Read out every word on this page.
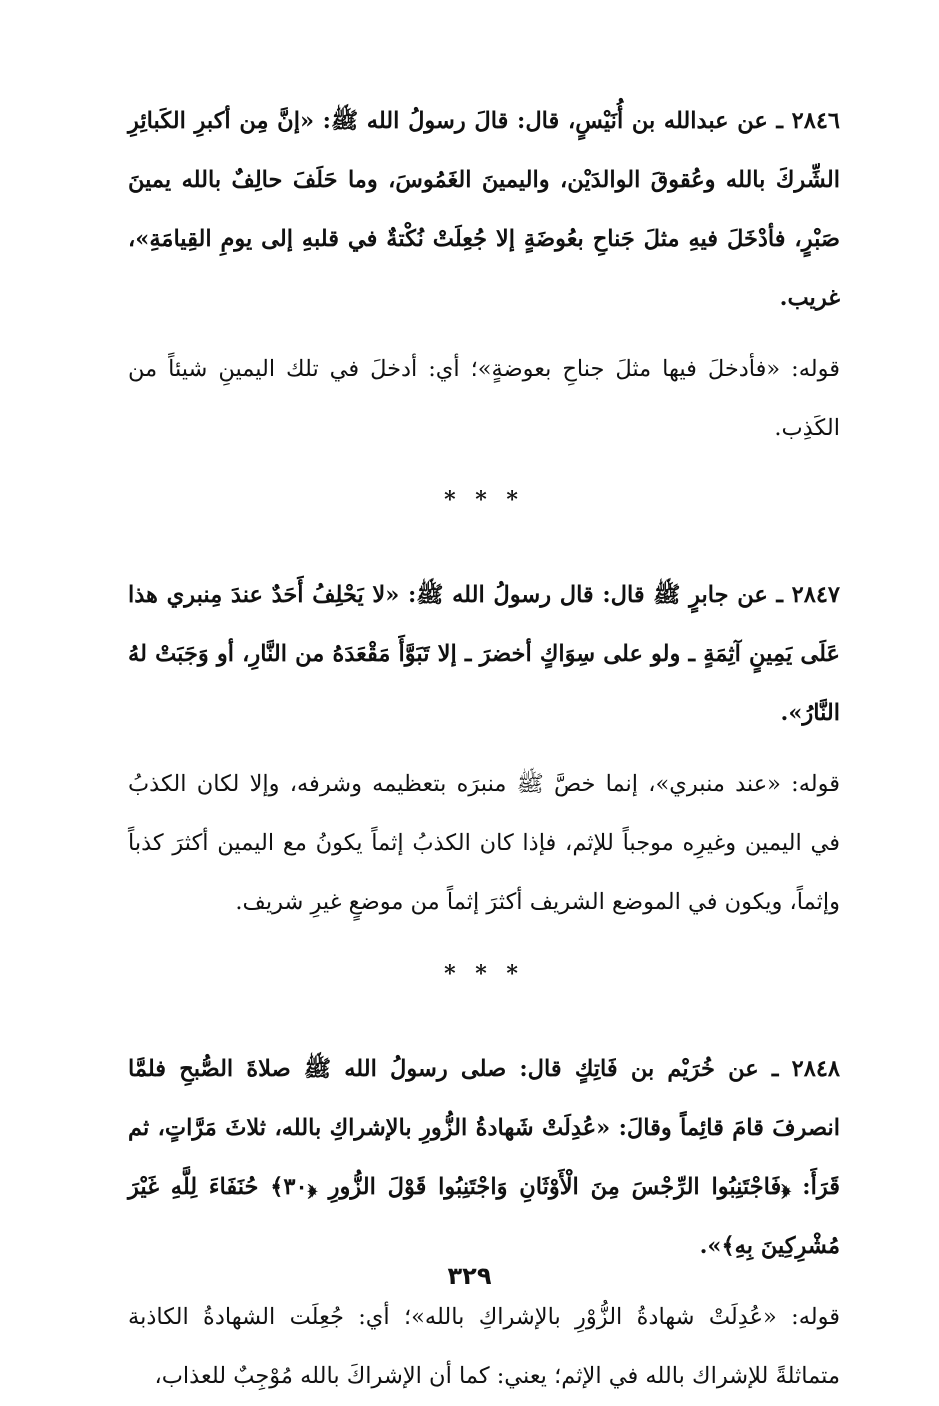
٢٨٤٦ ـ عن عبدالله بن أُنَيْسٍ، قال: قالَ رسولُ الله ﷺ: «إنَّ مِن أكبرِ الكَبائِرِ الشِّركَ بالله وعُقوقَ الوالدَيْن، واليمينَ الغَمُوسَ، وما حَلَفَ حالِفٌ بالله يمينَ صَبْرٍ، فأدْخَلَ فيهِ مثلَ جَناحِ بعُوضَةٍ إلا جُعِلَتْ نُكْتةٌ في قلبهِ إلى يومِ القِيامَةِ»، غريب.

قوله: «فأدخلَ فيها مثلَ جناحِ بعوضةٍ»؛ أي: أدخلَ في تلك اليمينِ شيئاً من الكَذِب.

* * *

٢٨٤٧ ـ عن جابرٍ ﷺ قال: قال رسولُ الله ﷺ: «لا يَحْلِفُ أَحَدٌ عندَ مِنبري هذا عَلَى يَمِينٍ آثِمَةٍ ـ ولو على سِوَاكٍ أخضرَ ـ إلا تَبَوَّأَ مَقْعَدَهُ من النَّارِ، أو وَجَبَتْ لهُ النَّارُ».

قوله: «عند منبري»، إنما خصَّ ﷺ منبرَه بتعظيمه وشرفه، وإلا لكان الكذبُ في اليمين وغيرِه موجباً للإثم، فإذا كان الكذبُ إثماً يكونُ مع اليمين أكثرَ كذباً وإثماً، ويكون في الموضع الشريف أكثرَ إثماً من موضعٍ غيرِ شريف.

* * *

٢٨٤٨ ـ عن خُرَيْم بن فَاتِكٍ قال: صلى رسولُ الله ﷺ صلاةَ الصُّبحِ فلمَّا انصرفَ قامَ قائِماً وقالَ: «عُدِلَتْ شَهادةُ الزُّورِ بالإشراكِ بالله، ثلاثَ مَرَّاتٍ، ثم قَرَأَ: ﴿فَاجْتَنِبُوا الرِّجْسَ مِنَ الْأَوْثَانِ وَاجْتَنِبُوا قَوْلَ الزُّورِ ﴿٣٠﴾ حُنَفَاءَ لِلَّهِ غَيْرَ مُشْرِكِينَ بِهِ﴾».

قوله: «عُدِلَتْ شهادةُ الزُّوْرِ بالإشراكِ بالله»؛ أي: جُعِلَت الشهادةُ الكاذبة متماثلةً للإشراك بالله في الإثم؛ يعني: كما أن الإشراكَ بالله مُوْجِبٌ للعذاب،

٣٢٩
